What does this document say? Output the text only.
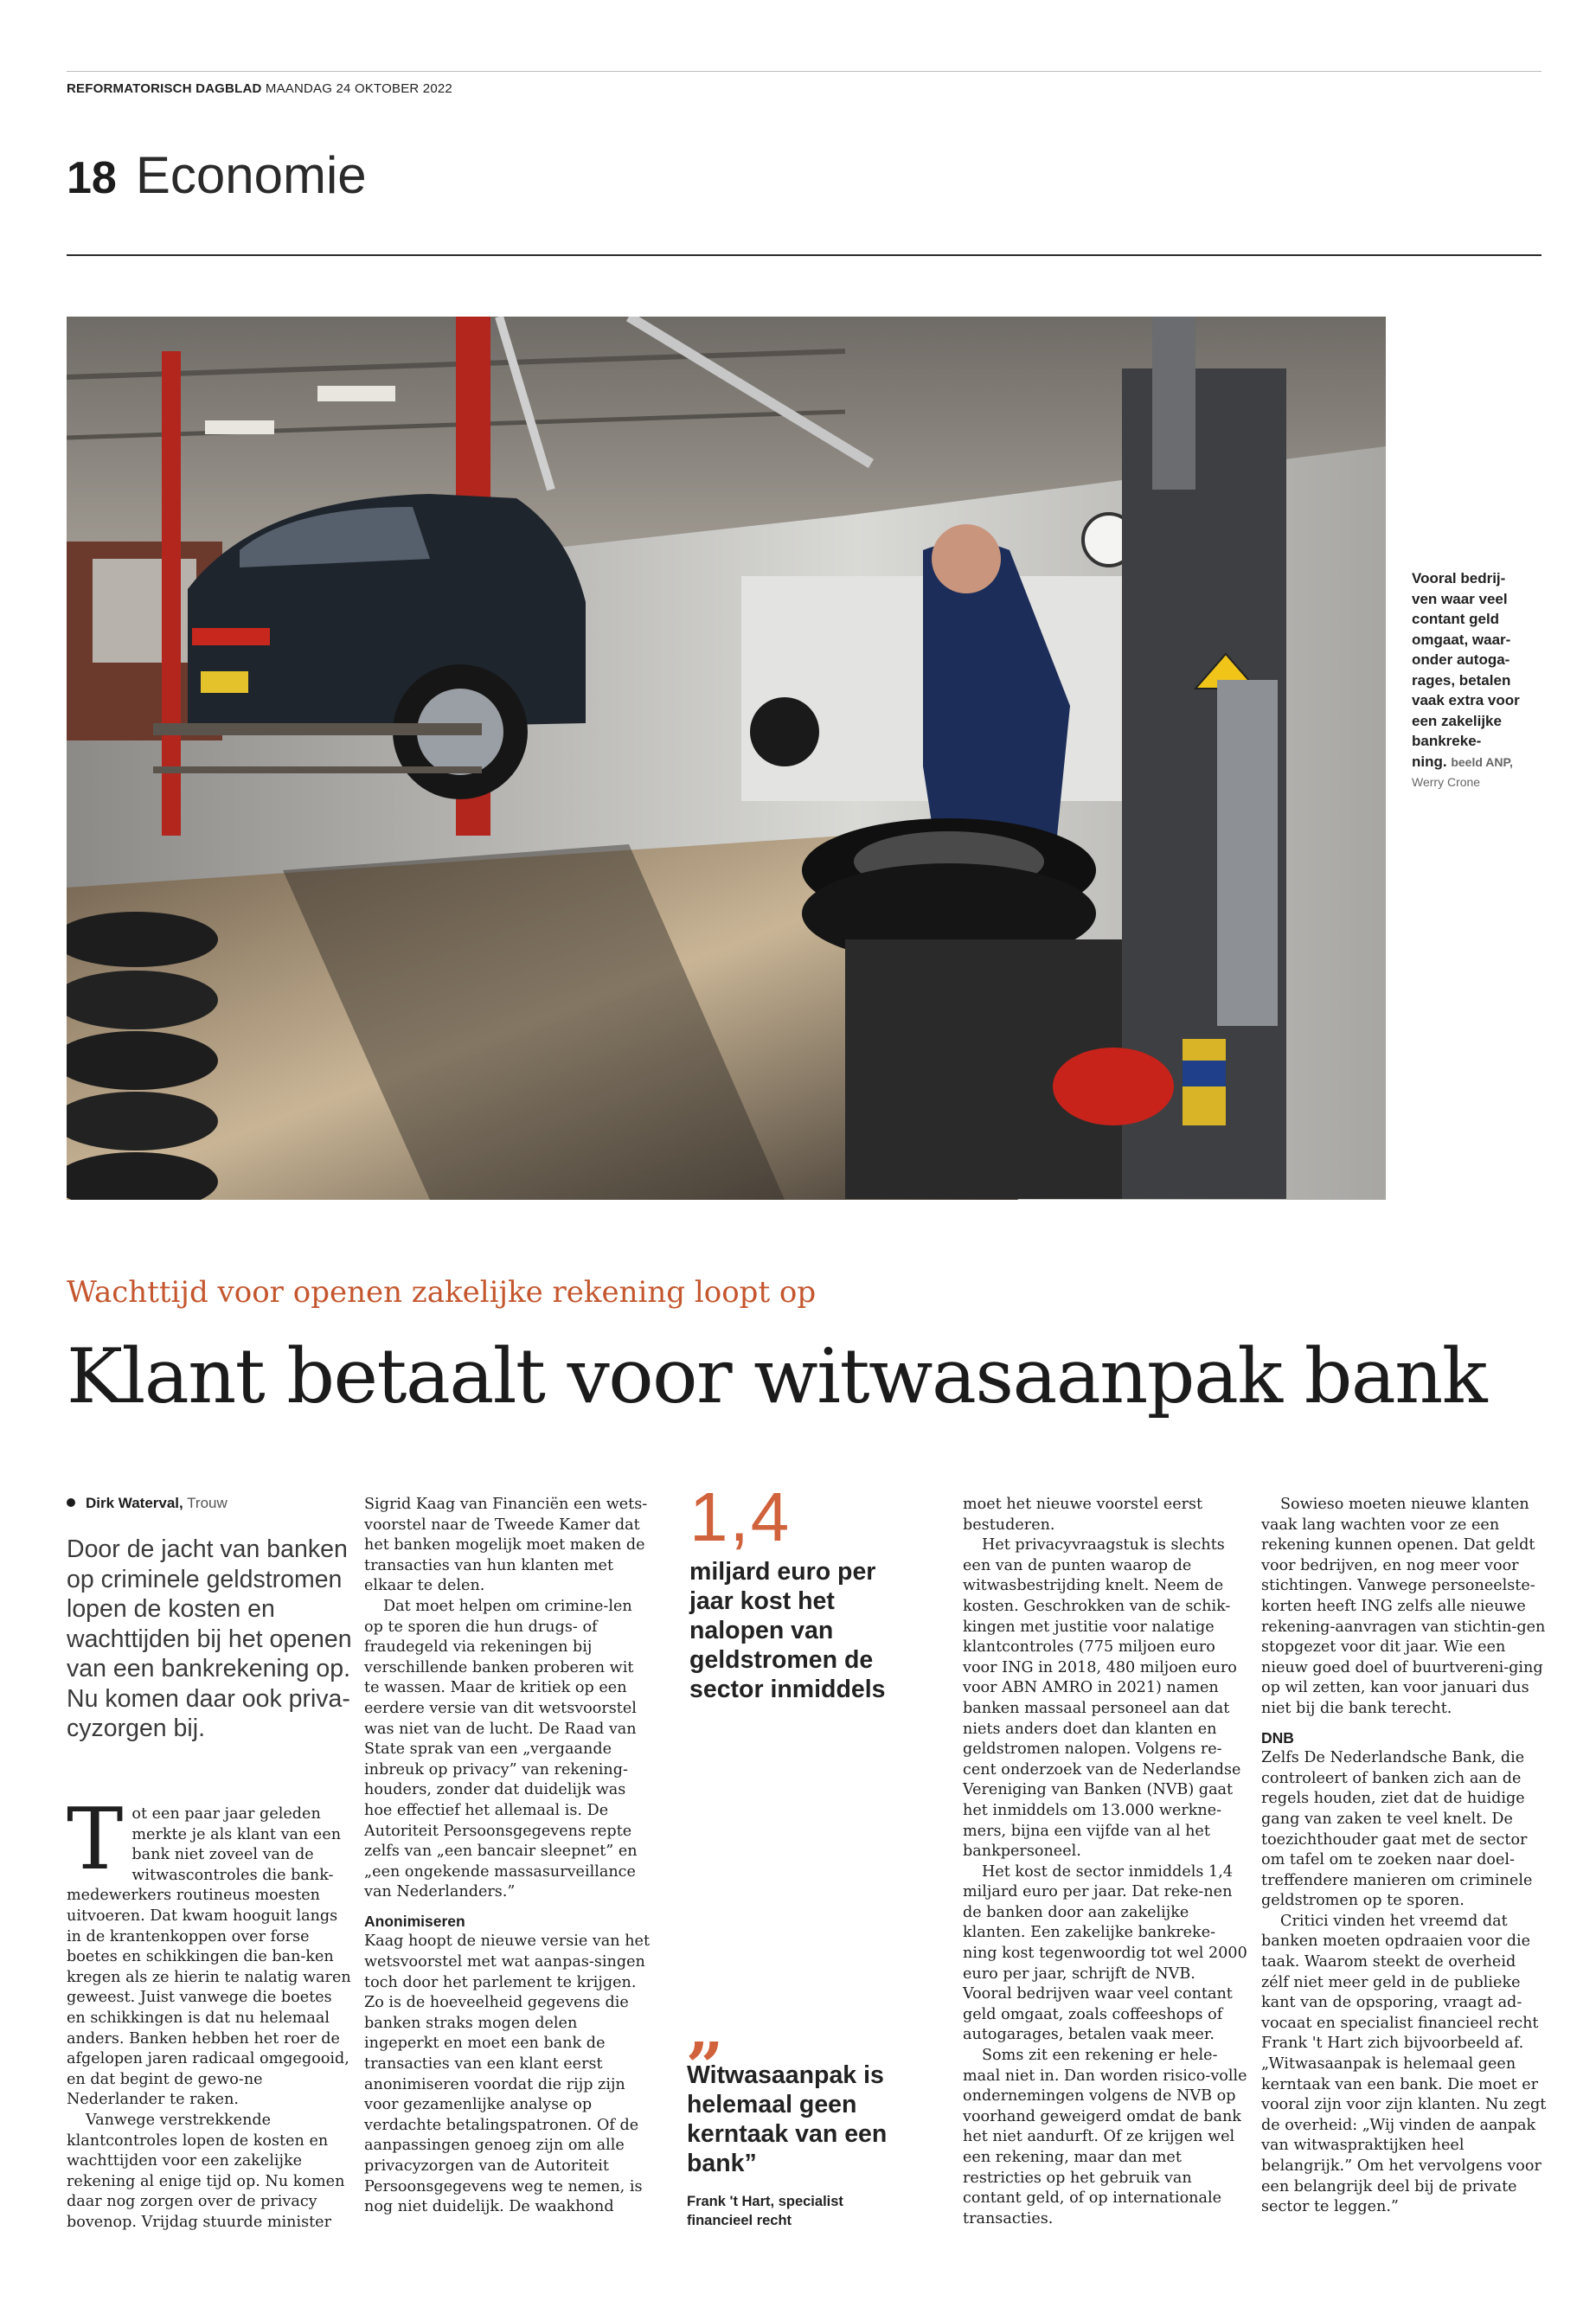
REFORMATORISCH DAGBLAD MAANDAG 24 OKTOBER 2022
18 Economie
Vooral bedrij-
ven waar veel
contant geld
omgaat, waar-
onder autoga-
rages, betalen
vaak extra voor
een zakelijke
bankreke-
ning. beeld ANP,
Werry Crone
Wachttijd voor openen zakelijke rekening loopt op
Klant betaalt voor witwasaanpak bank
Dirk Waterval, Trouw
Door de jacht van banken op criminele geldstromen lopen de kosten en wachttijden bij het openen van een bankrekening op. Nu komen daar ook priva-cyzorgen bij.
T ot een paar jaar geleden merkte je als klant van een bank niet zoveel van de witwascontroles die bank-medewerkers routineus moesten uitvoeren. Dat kwam hooguit langs in de krantenkoppen over forse boetes en schikkingen die ban-ken kregen als ze hierin te nalatig waren geweest. Juist vanwege die boetes en schikkingen is dat nu helemaal anders. Banken hebben het roer de afgelopen jaren radicaal omgegooid, en dat begint de gewo-ne Nederlander te raken.

Vanwege verstrekkende klantcontroles lopen de kosten en wachttijden voor een zakelijke rekening al enige tijd op. Nu komen daar nog zorgen over de privacy bovenop. Vrijdag stuurde minister

Sigrid Kaag van Financiën een wets-voorstel naar de Tweede Kamer dat het banken mogelijk moet maken de transacties van hun klanten met elkaar te delen.

Dat moet helpen om crimine-len op te sporen die hun drugs- of fraudegeld via rekeningen bij verschillende banken proberen wit te wassen. Maar de kritiek op een eerdere versie van dit wetsvoorstel was niet van de lucht. De Raad van State sprak van een „vergaande inbreuk op privacy” van rekening-houders, zonder dat duidelijk was hoe effectief het allemaal is. De Autoriteit Persoonsgegevens repte zelfs van „een bancair sleepnet” en „een ongekende massasurveillance van Nederlanders.”

Anonimiseren

Kaag hoopt de nieuwe versie van het wetsvoorstel met wat aanpas-singen toch door het parlement te krijgen. Zo is de hoeveelheid gegevens die banken straks mogen delen ingeperkt en moet een bank de transacties van een klant eerst anonimiseren voordat die rijp zijn voor gezamenlijke analyse op verdachte betalingspatronen. Of de aanpassingen genoeg zijn om alle privacyzorgen van de Autoriteit Persoonsgegevens weg te nemen, is nog niet duidelijk. De waakhond

1,4
miljard euro per jaar kost het nalopen van geldstromen de sector inmiddels
„
Witwasaanpak is helemaal geen kerntaak van een bank”
Frank 't Hart, specialist financieel recht

moet het nieuwe voorstel eerst bestuderen.

Het privacyvraagstuk is slechts een van de punten waarop de witwasbestrijding knelt. Neem de kosten. Geschrokken van de schik-kingen met justitie voor nalatige klantcontroles (775 miljoen euro voor ING in 2018, 480 miljoen euro voor ABN AMRO in 2021) namen banken massaal personeel aan dat niets anders doet dan klanten en geldstromen nalopen. Volgens re-cent onderzoek van de Nederlandse Vereniging van Banken (NVB) gaat het inmiddels om 13.000 werkne-mers, bijna een vijfde van al het bankpersoneel.

Het kost de sector inmiddels 1,4 miljard euro per jaar. Dat reke-nen de banken door aan zakelijke klanten. Een zakelijke bankreke-ning kost tegenwoordig tot wel 2000 euro per jaar, schrijft de NVB. Vooral bedrijven waar veel contant geld omgaat, zoals coffeeshops of autogarages, betalen vaak meer.

Soms zit een rekening er hele-maal niet in. Dan worden risico-volle ondernemingen volgens de NVB op voorhand geweigerd omdat de bank het niet aandurft. Of ze krijgen wel een rekening, maar dan met restricties op het gebruik van contant geld, of op internationale transacties.

Sowieso moeten nieuwe klanten vaak lang wachten voor ze een rekening kunnen openen. Dat geldt voor bedrijven, en nog meer voor stichtingen. Vanwege personeelste-korten heeft ING zelfs alle nieuwe rekening-aanvragen van stichtin-gen stopgezet voor dit jaar. Wie een nieuw goed doel of buurtvereni-ging op wil zetten, kan voor januari dus niet bij die bank terecht.

DNB

Zelfs De Nederlandsche Bank, die controleert of banken zich aan de regels houden, ziet dat de huidige gang van zaken te veel knelt. De toezichthouder gaat met de sector om tafel om te zoeken naar doel-treffendere manieren om criminele geldstromen op te sporen.

Critici vinden het vreemd dat banken moeten opdraaien voor die taak. Waarom steekt de overheid zélf niet meer geld in de publieke kant van de opsporing, vraagt ad-vocaat en specialist financieel recht Frank 't Hart zich bijvoorbeeld af. „Witwasaanpak is helemaal geen kerntaak van een bank. Die moet er vooral zijn voor zijn klanten. Nu zegt de overheid: „Wij vinden de aanpak van witwaspraktijken heel belangrijk.” Om het vervolgens voor een belangrijk deel bij de private sector te leggen.”
